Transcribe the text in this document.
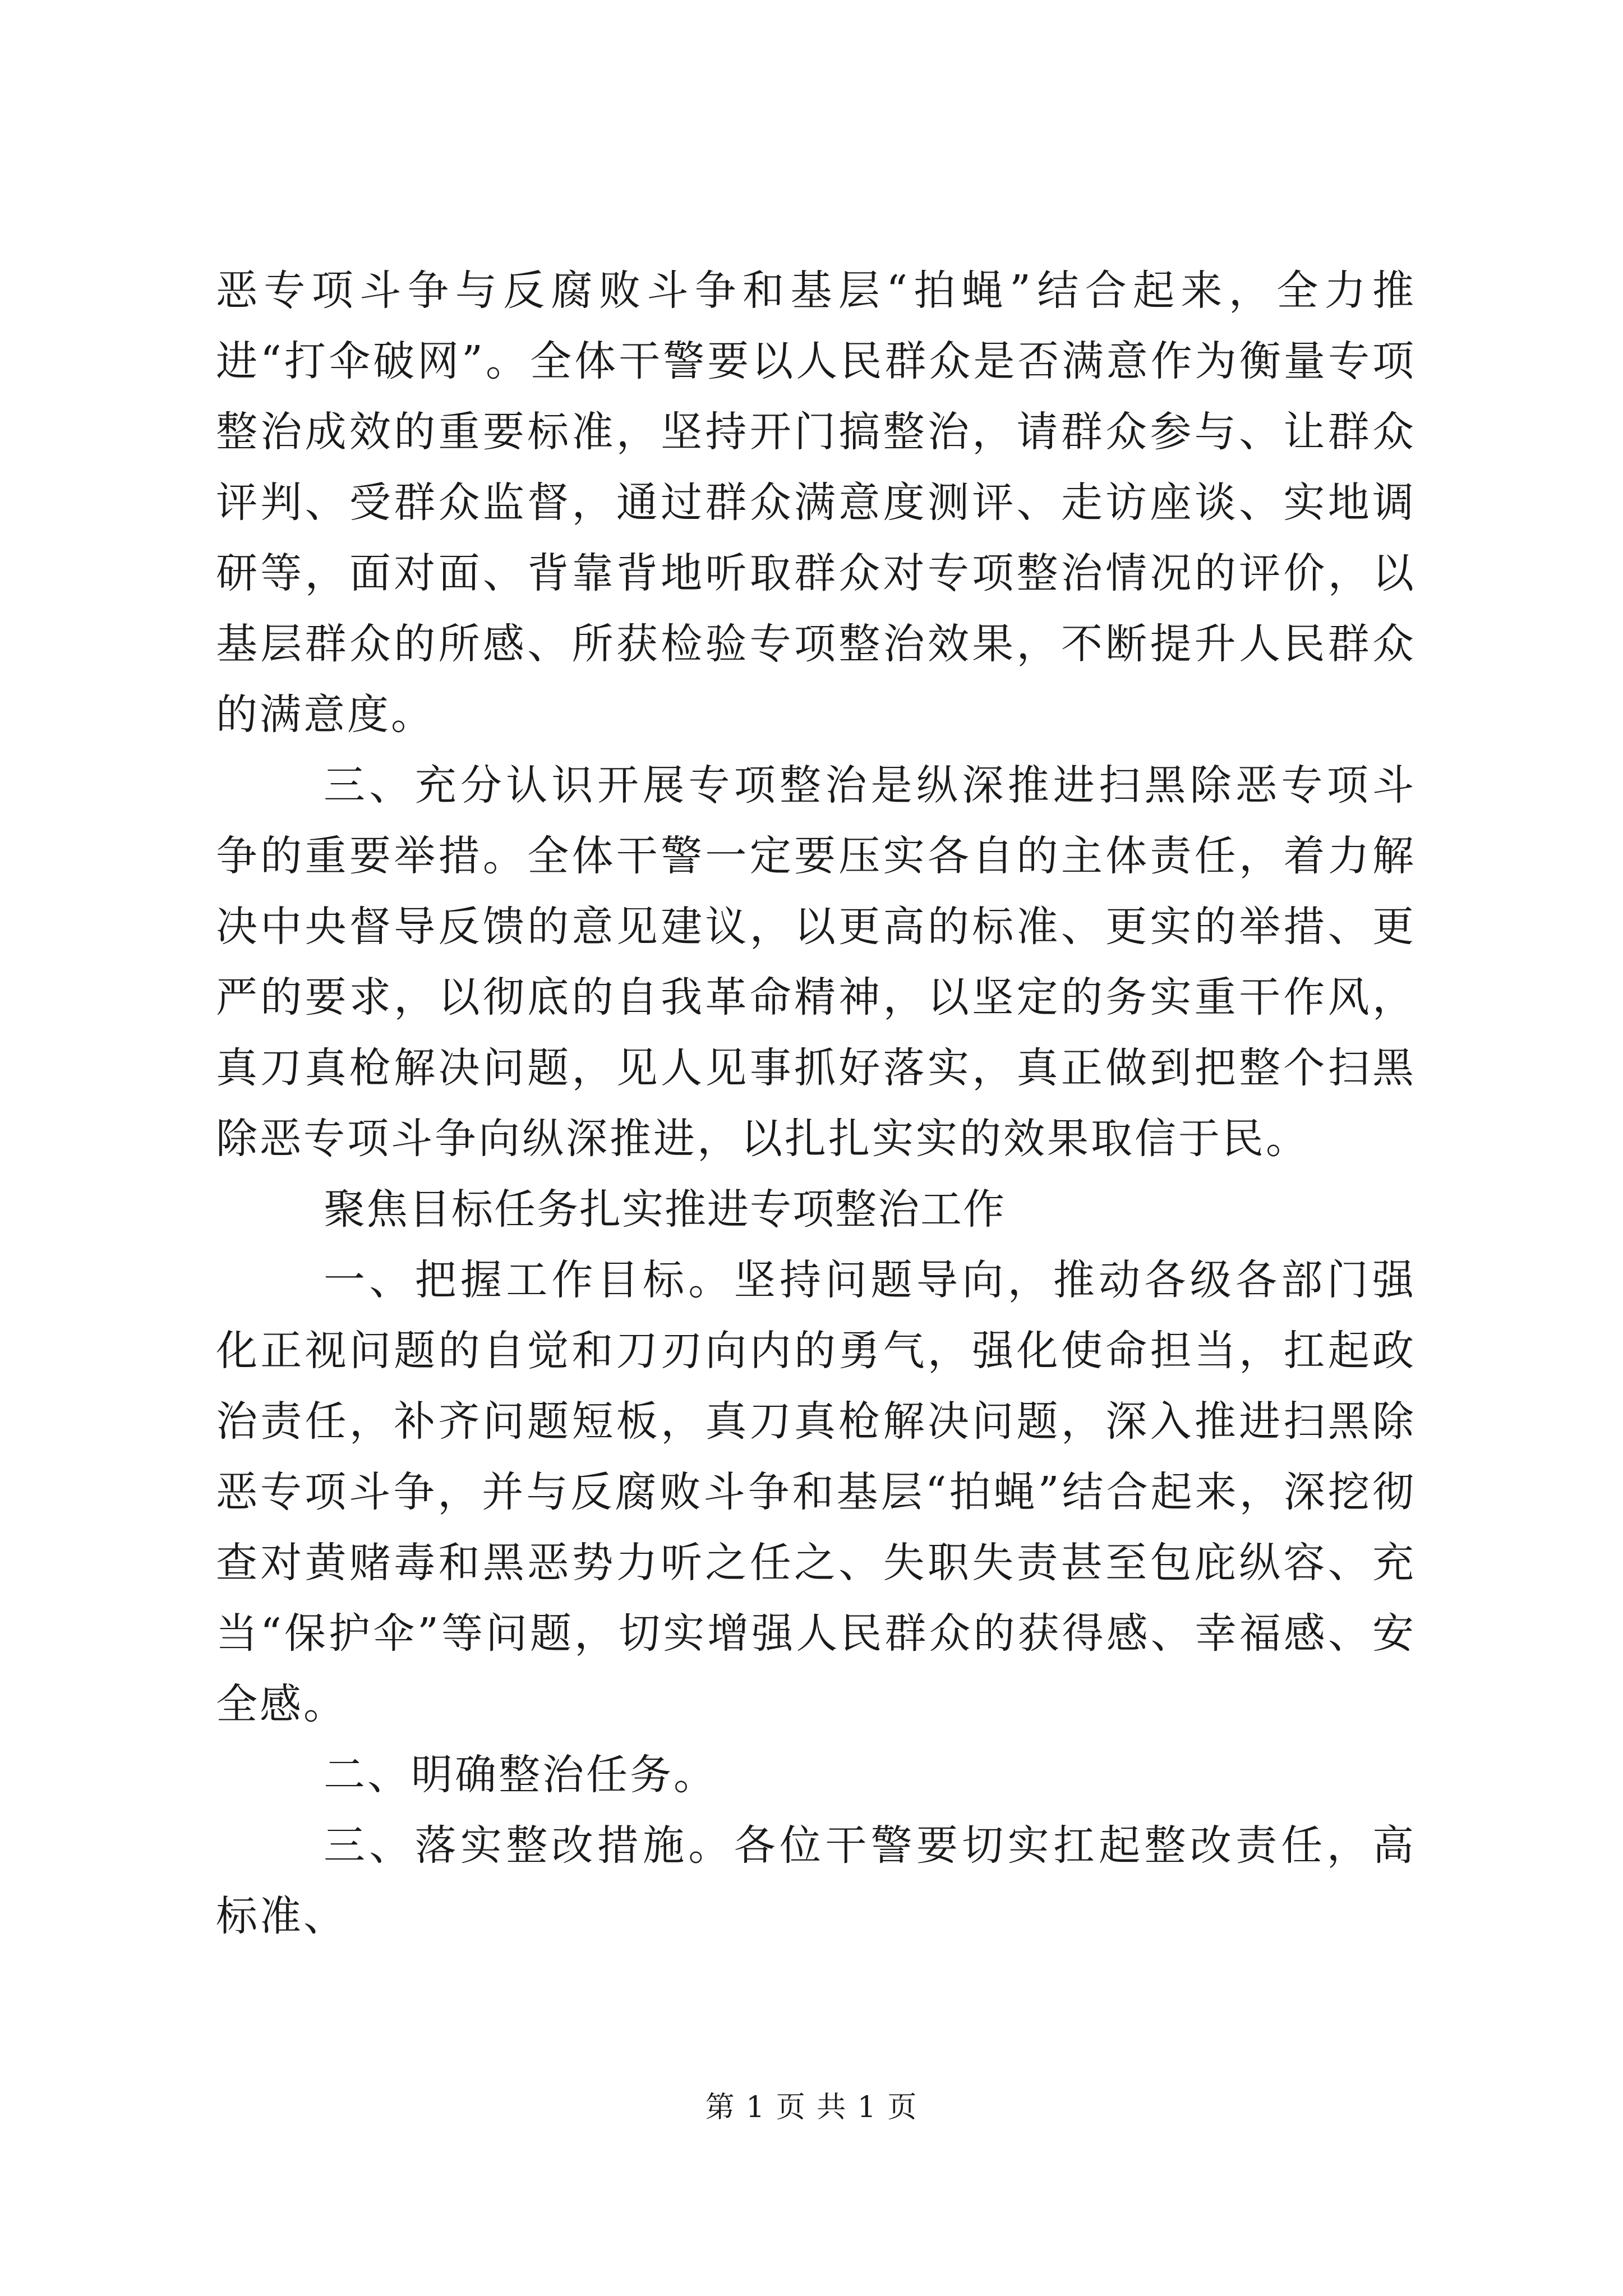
恶专项斗争与反腐败斗争和基层“拍蝇”结合起来，全力推进“打伞破网”。全体干警要以人民群众是否满意作为衡量专项整治成效的重要标准，坚持开门搞整治，请群众参与、让群众评判、受群众监督，通过群众满意度测评、走访座谈、实地调研等，面对面、背靠背地听取群众对专项整治情况的评价，以基层群众的所感、所获检验专项整治效果，不断提升人民群众的满意度。

三、充分认识开展专项整治是纵深推进扫黑除恶专项斗争的重要举措。全体干警一定要压实各自的主体责任，着力解决中央督导反馈的意见建议，以更高的标准、更实的举措、更严的要求，以彻底的自我革命精神，以坚定的务实重干作风，真刀真枪解决问题，见人见事抓好落实，真正做到把整个扫黑除恶专项斗争向纵深推进，以扎扎实实的效果取信于民。

聚焦目标任务扎实推进专项整治工作

一、把握工作目标。坚持问题导向，推动各级各部门强化正视问题的自觉和刀刃向内的勇气，强化使命担当，扛起政治责任，补齐问题短板，真刀真枪解决问题，深入推进扫黑除恶专项斗争，并与反腐败斗争和基层“拍蝇”结合起来，深挖彻查对黄赌毒和黑恶势力听之任之、失职失责甚至包庇纵容、充当“保护伞”等问题，切实增强人民群众的获得感、幸福感、安全感。

二、明确整治任务。

三、落实整改措施。各位干警要切实扛起整改责任，高标准、

第 1 页 共 1 页
